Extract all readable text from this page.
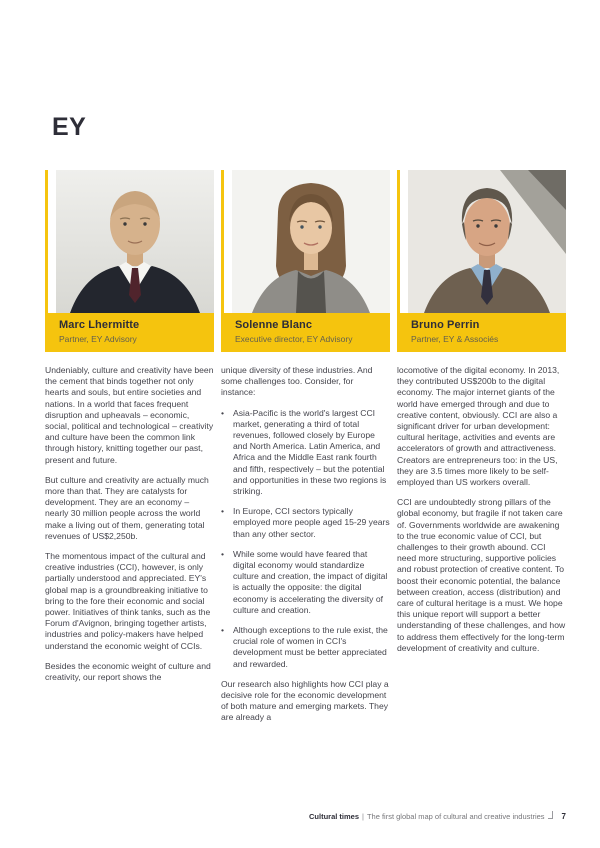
EY
Marc Lhermitte
Partner, EY Advisory
Solenne Blanc
Executive director, EY Advisory
Bruno Perrin
Partner, EY & Associés

Undeniably, culture and creativity have been the cement that binds together not only hearts and souls, but entire societies and nations. In a world that faces frequent disruption and upheavals – economic, social, political and technological – creativity and culture have been the common link through history, knitting together our past, present and future.

But culture and creativity are actually much more than that. They are catalysts for development. They are an economy – nearly 30 million people across the world make a living out of them, generating total revenues of US$2,250b.

The momentous impact of the cultural and creative industries (CCI), however, is only partially understood and appreciated. EY's global map is a groundbreaking initiative to bring to the fore their economic and social power. Initiatives of think tanks, such as the Forum d'Avignon, bringing together artists, industries and policy-makers have helped understand the economic weight of CCIs.

Besides the economic weight of culture and creativity, our report shows the

unique diversity of these industries. And some challenges too. Consider, for instance:

•	Asia-Pacific is the world's largest CCI market, generating a third of total revenues, followed closely by Europe and North America. Latin America, and Africa and the Middle East rank fourth and fifth, respectively – but the potential and opportunities in these two regions is striking.
•	In Europe, CCI sectors typically employed more people aged 15-29 years than any other sector.
•	While some would have feared that digital economy would standardize culture and creation, the impact of digital is actually the opposite: the digital economy is accelerating the diversity of culture and creation.
•	Although exceptions to the rule exist, the crucial role of women in CCI's development must be better appreciated and rewarded.

Our research also highlights how CCI play a decisive role for the economic development of both mature and emerging markets. They are already a

locomotive of the digital economy. In 2013, they contributed US$200b to the digital economy. The major internet giants of the world have emerged through and due to creative content, obviously. CCI are also a significant driver for urban development: cultural heritage, activities and events are accelerators of growth and attractiveness. Creators are entrepreneurs too: in the US, they are 3.5 times more likely to be self-employed than US workers overall.

CCI are undoubtedly strong pillars of the global economy, but fragile if not taken care of. Governments worldwide are awakening to the true economic value of CCI, but challenges to their growth abound. CCI need more structuring, supportive policies and robust protection of creative content. To boost their economic potential, the balance between creation, access (distribution) and care of cultural heritage is a must. We hope this unique report will support a better understanding of these challenges, and how to address them effectively for the long-term development of creativity and culture.

Cultural times | The first global map of cultural and creative industries 7
